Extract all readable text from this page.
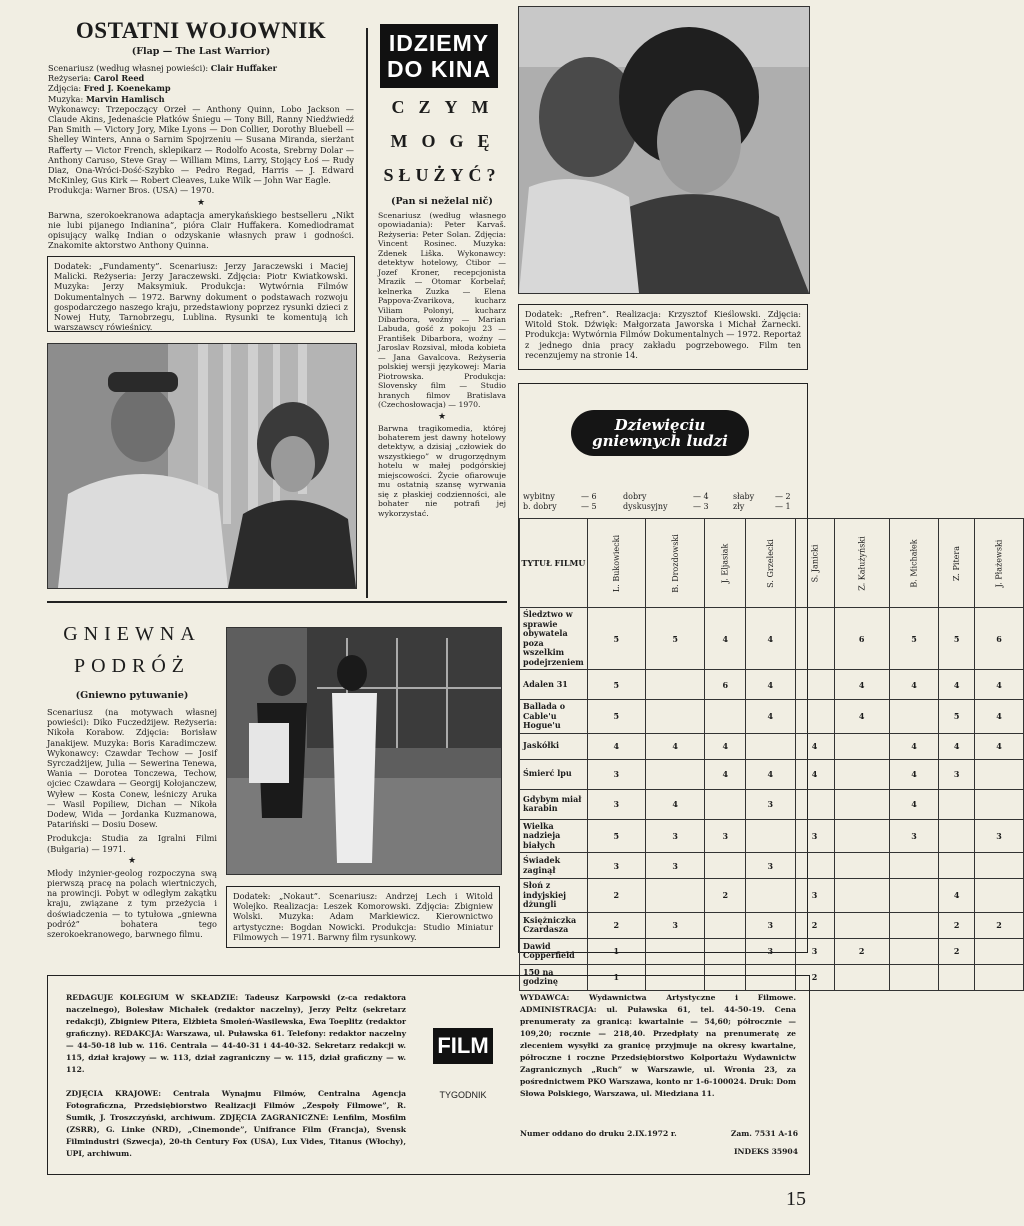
OSTATNI WOJOWNIK
(Flap — The Last Warrior)
Scenariusz (według własnej powieści): Clair Huffaker
Reżyseria: Carol Reed
Zdjęcia: Fred J. Koenekamp
Muzyka: Marvin Hamlisch
Wykonawcy: Trzepoczący Orzeł — Anthony Quinn, Lobo Jackson — Claude Akins, Jedenaście Płatków Śniegu — Tony Bill, Ranny Niedźwiedź Pan Smith — Victory Jory, Mike Lyons — Don Collier, Dorothy Bluebell — Shelley Winters, Anna o Sarnim Spojrzeniu — Susana Miranda, sierżant Rafferty — Victor French, sklepikarz — Rodolfo Acosta, Srebrny Dolar — Anthony Caruso, Steve Gray — William Mims, Larry, Stojący Łoś — Rudy Diaz, Ona-Wróci-Dość-Szybko — Pedro Regad, Harris — J. Edward McKinley, Gus Kirk — Robert Cleaves, Luke Wilk — John War Eagle.
Produkcja: Warner Bros. (USA) — 1970.
★
Barwna, szerokoekranowa adaptacja amerykańskiego bestselleru „Nikt nie lubi pijanego Indianina”, pióra Clair Huffakera. Komediodramat opisujący walkę Indian o odzyskanie własnych praw i godności. Znakomite aktorstwo Anthony Quinna.
Dodatek: „Fundamenty”. Scenariusz: Jerzy Jaraczewski i Maciej Malicki. Reżyseria: Jerzy Jaraczewski. Zdjęcia: Piotr Kwiatkowski. Muzyka: Jerzy Maksymiuk. Produkcja: Wytwórnia Filmów Dokumentalnych — 1972. Barwny dokument o podstawach rozwoju gospodarczego naszego kraju, przedstawiony poprzez rysunki dzieci z Nowej Huty, Tarnobrzegu, Lublina. Rysunki te komentują ich warszawscy rówieśnicy.
IDZIEMY
DO KINA
CZYM
MOGĘ
SŁUŻYĆ?
(Pan si neželal nič)
Scenariusz (według własnego opowiadania): Peter Karvaš. Reżyseria: Peter Solan. Zdjęcia: Vincent Rosinec. Muzyka: Zdenek Liška. Wykonawcy: detektyw hotelowy, Ctibor — Jozef Kroner, recepcjonista Mrazik — Otomar Korbelař, kelnerka Zuzka — Elena Pappova-Zvarikova, kucharz Viliam Polonyi, kucharz Dibarbora, woźny — Marian Labuda, gość z pokoju 23 — František Dibarbora, woźny — Jaroslav Rozsival, młoda kobieta — Jana Gavalcova. Reżyseria polskiej wersji językowej: Maria Piotrowska. Produkcja: Slovensky film — Studio hranych filmov Bratislava (Czechosłowacja) — 1970.
★
Barwna tragikomedia, której bohaterem jest dawny hotelowy detektyw, a dzisiaj „człowiek do wszystkiego” w drugorzędnym hotelu w małej podgórskiej miejscowości. Życie ofiarowuje mu ostatnią szansę wyrwania się z płaskiej codzienności, ale bohater nie potrafi jej wykorzystać.
Dodatek: „Refren”. Realizacja: Krzysztof Kieślowski. Zdjęcia: Witold Stok. Dźwięk: Małgorzata Jaworska i Michał Żarnecki. Produkcja: Wytwórnia Filmów Dokumentalnych — 1972. Reportaż z jednego dnia pracy zakładu pogrzebowego. Film ten recenzujemy na stronie 14.
GNIEWNA
PODRÓŻ
(Gniewno pytuwanie)
Scenariusz (na motywach własnej powieści): Diko Fuczedżijew. Reżyseria: Nikoła Korabow. Zdjęcia: Borisław Janakijew. Muzyka: Boris Karadimczew. Wykonawcy: Czawdar Techow — Josif Syrczadżijew, Julia — Sewerina Tenewa, Wania — Dorotea Tonczewa, Techow, ojciec Czawdara — Georgij Kołojanczew, Wyłew — Kosta Conew, leśniczy Aruka — Wasil Popiliew, Dichan — Nikoła Dodew, Wida — Jordanka Kuzmanowa, Patariński — Dosiu Dosew.
Produkcja: Studia za Igralni Filmi (Bułgaria) — 1971.
★
Młody inżynier-geolog rozpoczyna swą pierwszą pracę na polach wiertniczych, na prowincji. Pobyt w odległym zakątku kraju, związane z tym przeżycia i doświadczenia — to tytułowa „gniewna podróż” bohatera tego szerokoekranowego, barwnego filmu.
Dodatek: „Nokaut”. Scenariusz: Andrzej Lech i Witold Wolejko. Realizacja: Leszek Komorowski. Zdjęcia: Zbigniew Wolski. Muzyka: Adam Markiewicz. Kierownictwo artystyczne: Bogdan Nowicki. Produkcja: Studio Miniatur Filmowych — 1971. Barwny film rysunkowy.
Dziewięciu
gniewnych ludzi
wybitny	— 6	dobry	— 4	słaby	— 2
b. dobry	— 5	dyskusyjny	— 3	zły	— 1
TYTUŁ FILMU	L. Bukowiecki	B. Drozdowski	J. Eljasiak	S. Grzelecki	S. Janicki	Z. Kałużyński	B. Michałek	Z. Pitera	J. Płażewski
Śledztwo w sprawie obywatela poza wszelkim podejrzeniem	5	5	4	4		6	5	5	6
Adalen 31	5		6	4		4	4	4	4
Ballada o Cable'u Hogue'u	5			4		4		5	4
Jaskółki	4	4	4		4		4	4	4
Śmierć lpu	3		4	4	4		4	3	
Gdybym miał karabin	3	4		3			4		
Wielka nadzieja białych	5	3	3		3		3		3
Świadek zaginął	3	3		3					
Słoń z indyjskiej dżungli	2		2		3			4	
Księżniczka Czardasza	2	3		3	2			2	2
Dawid Copperfield	1			3	3	2		2	
150 na godzinę	1				2				
REDAGUJE KOLEGIUM W SKŁADZIE: Tadeusz Karpowski (z-ca redaktora naczelnego), Bolesław Michałek (redaktor naczelny), Jerzy Peltz (sekretarz redakcji), Zbigniew Pitera, Elżbieta Smoleń-Wasilewska, Ewa Toeplitz (redaktor graficzny). REDAKCJA: Warszawa, ul. Puławska 61. Telefony: redaktor naczelny — 44-50-18 lub w. 116. Centrala — 44-40-31 i 44-40-32. Sekretarz redakcji w. 115, dział krajowy — w. 113, dział zagraniczny — w. 115, dział graficzny — w. 112.
ZDJĘCIA KRAJOWE: Centrala Wynajmu Filmów, Centralna Agencja Fotograficzna, Przedsiębiorstwo Realizacji Filmów „Zespoły Filmowe”, R. Sumik, J. Troszczyński, archiwum. ZDJĘCIA ZAGRANICZNE: Lenfilm, Mosfilm (ZSRR), G. Linke (NRD), „Cinemonde”, Unifrance Film (Francja), Svensk Filmindustri (Szwecja), 20-th Century Fox (USA), Lux Vides, Titanus (Włochy), UPI, archiwum.
FILM
TYGODNIK
WYDAWCA: Wydawnictwa Artystyczne i Filmowe. ADMINISTRACJA: ul. Puławska 61, tel. 44-50-19. Cena prenumeraty za granicą: kwartalnie — 54,60; półrocznie — 109,20; rocznie — 218,40. Przedpłaty na prenumeratę ze zleceniem wysyłki za granicę przyjmuje na okresy kwartalne, półroczne i roczne Przedsiębiorstwo Kolportażu Wydawnictw Zagranicznych „Ruch” w Warszawie, ul. Wronia 23, za pośrednictwem PKO Warszawa, konto nr 1-6-100024. Druk: Dom Słowa Polskiego, Warszawa, ul. Miedziana 11.
Numer oddano do druku 2.IX.1972 r.	Zam. 7531 A-16
INDEKS 35904
15
